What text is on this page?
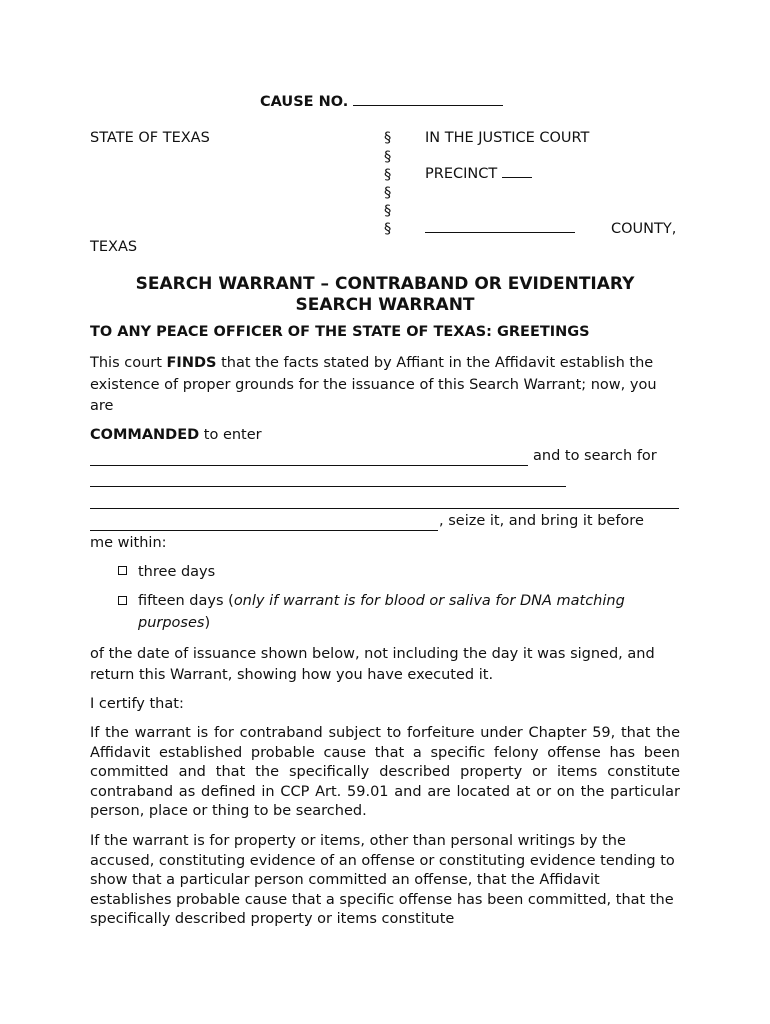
CAUSE NO.
STATE OF TEXAS	§
§
§
§
§
§
IN THE JUSTICE COURT
PRECINCT
COUNTY,
TEXAS
SEARCH WARRANT – CONTRABAND OR EVIDENTIARY
SEARCH WARRANT
TO ANY PEACE OFFICER OF THE STATE OF TEXAS: GREETINGS
This court FINDS that the facts stated by Affiant in the Affidavit establish the existence of proper grounds for the issuance of this Search Warrant; now, you are
COMMANDED to enter
and to search for
, seize it, and bring it before
me within:
three days
fifteen days (only if warrant is for blood or saliva for DNA matching
purposes)
of the date of issuance shown below, not including the day it was signed, and return this Warrant, showing how you have executed it.
I certify that:
If the warrant is for contraband subject to forfeiture under Chapter 59, that the Affidavit established probable cause that a specific felony offense has been committed and that the specifically described property or items constitute contraband as defined in CCP Art. 59.01 and are located at or on the particular person, place or thing to be searched.
If the warrant is for property or items, other than personal writings by the accused, constituting evidence of an offense or constituting evidence tending to show that a particular person committed an offense, that the Affidavit establishes probable cause that a specific offense has been committed, that the specifically described property or items constitute
